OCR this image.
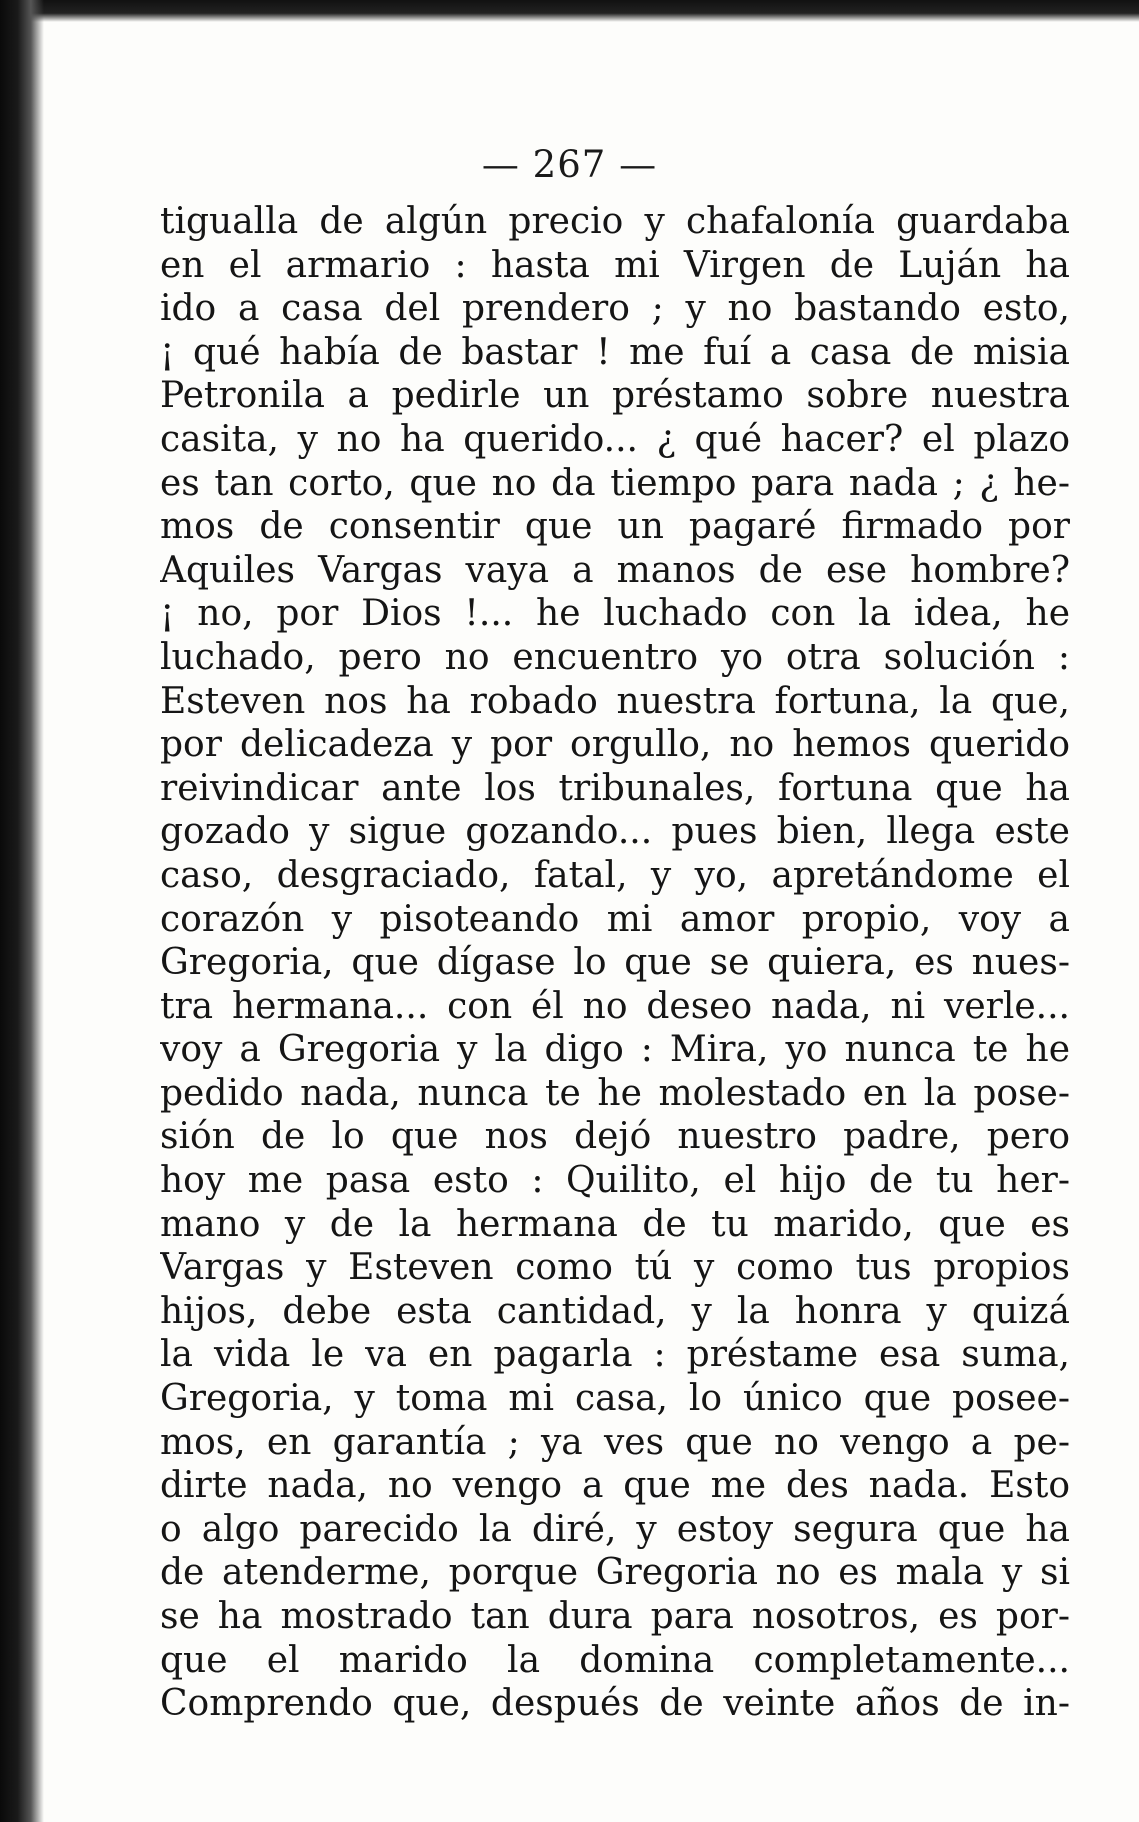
— 267 —
tigualla de algún precio y chafalonía guardaba
en el armario : hasta mi Virgen de Luján ha
ido a casa del prendero ; y no bastando esto,
¡ qué había de bastar ! me fuí a casa de misia
Petronila a pedirle un préstamo sobre nuestra
casita, y no ha querido... ¿ qué hacer? el plazo
es tan corto, que no da tiempo para nada ; ¿ he-
mos de consentir que un pagaré firmado por
Aquiles Vargas vaya a manos de ese hombre?
¡ no, por Dios !... he luchado con la idea, he
luchado, pero no encuentro yo otra solución :
Esteven nos ha robado nuestra fortuna, la que,
por delicadeza y por orgullo, no hemos querido
reivindicar ante los tribunales, fortuna que ha
gozado y sigue gozando... pues bien, llega este
caso, desgraciado, fatal, y yo, apretándome el
corazón y pisoteando mi amor propio, voy a
Gregoria, que dígase lo que se quiera, es nues-
tra hermana... con él no deseo nada, ni verle...
voy a Gregoria y la digo : Mira, yo nunca te he
pedido nada, nunca te he molestado en la pose-
sión de lo que nos dejó nuestro padre, pero
hoy me pasa esto : Quilito, el hijo de tu her-
mano y de la hermana de tu marido, que es
Vargas y Esteven como tú y como tus propios
hijos, debe esta cantidad, y la honra y quizá
la vida le va en pagarla : préstame esa suma,
Gregoria, y toma mi casa, lo único que posee-
mos, en garantía ; ya ves que no vengo a pe-
dirte nada, no vengo a que me des nada. Esto
o algo parecido la diré, y estoy segura que ha
de atenderme, porque Gregoria no es mala y si
se ha mostrado tan dura para nosotros, es por-
que el marido la domina completamente...
Comprendo que, después de veinte años de in-
